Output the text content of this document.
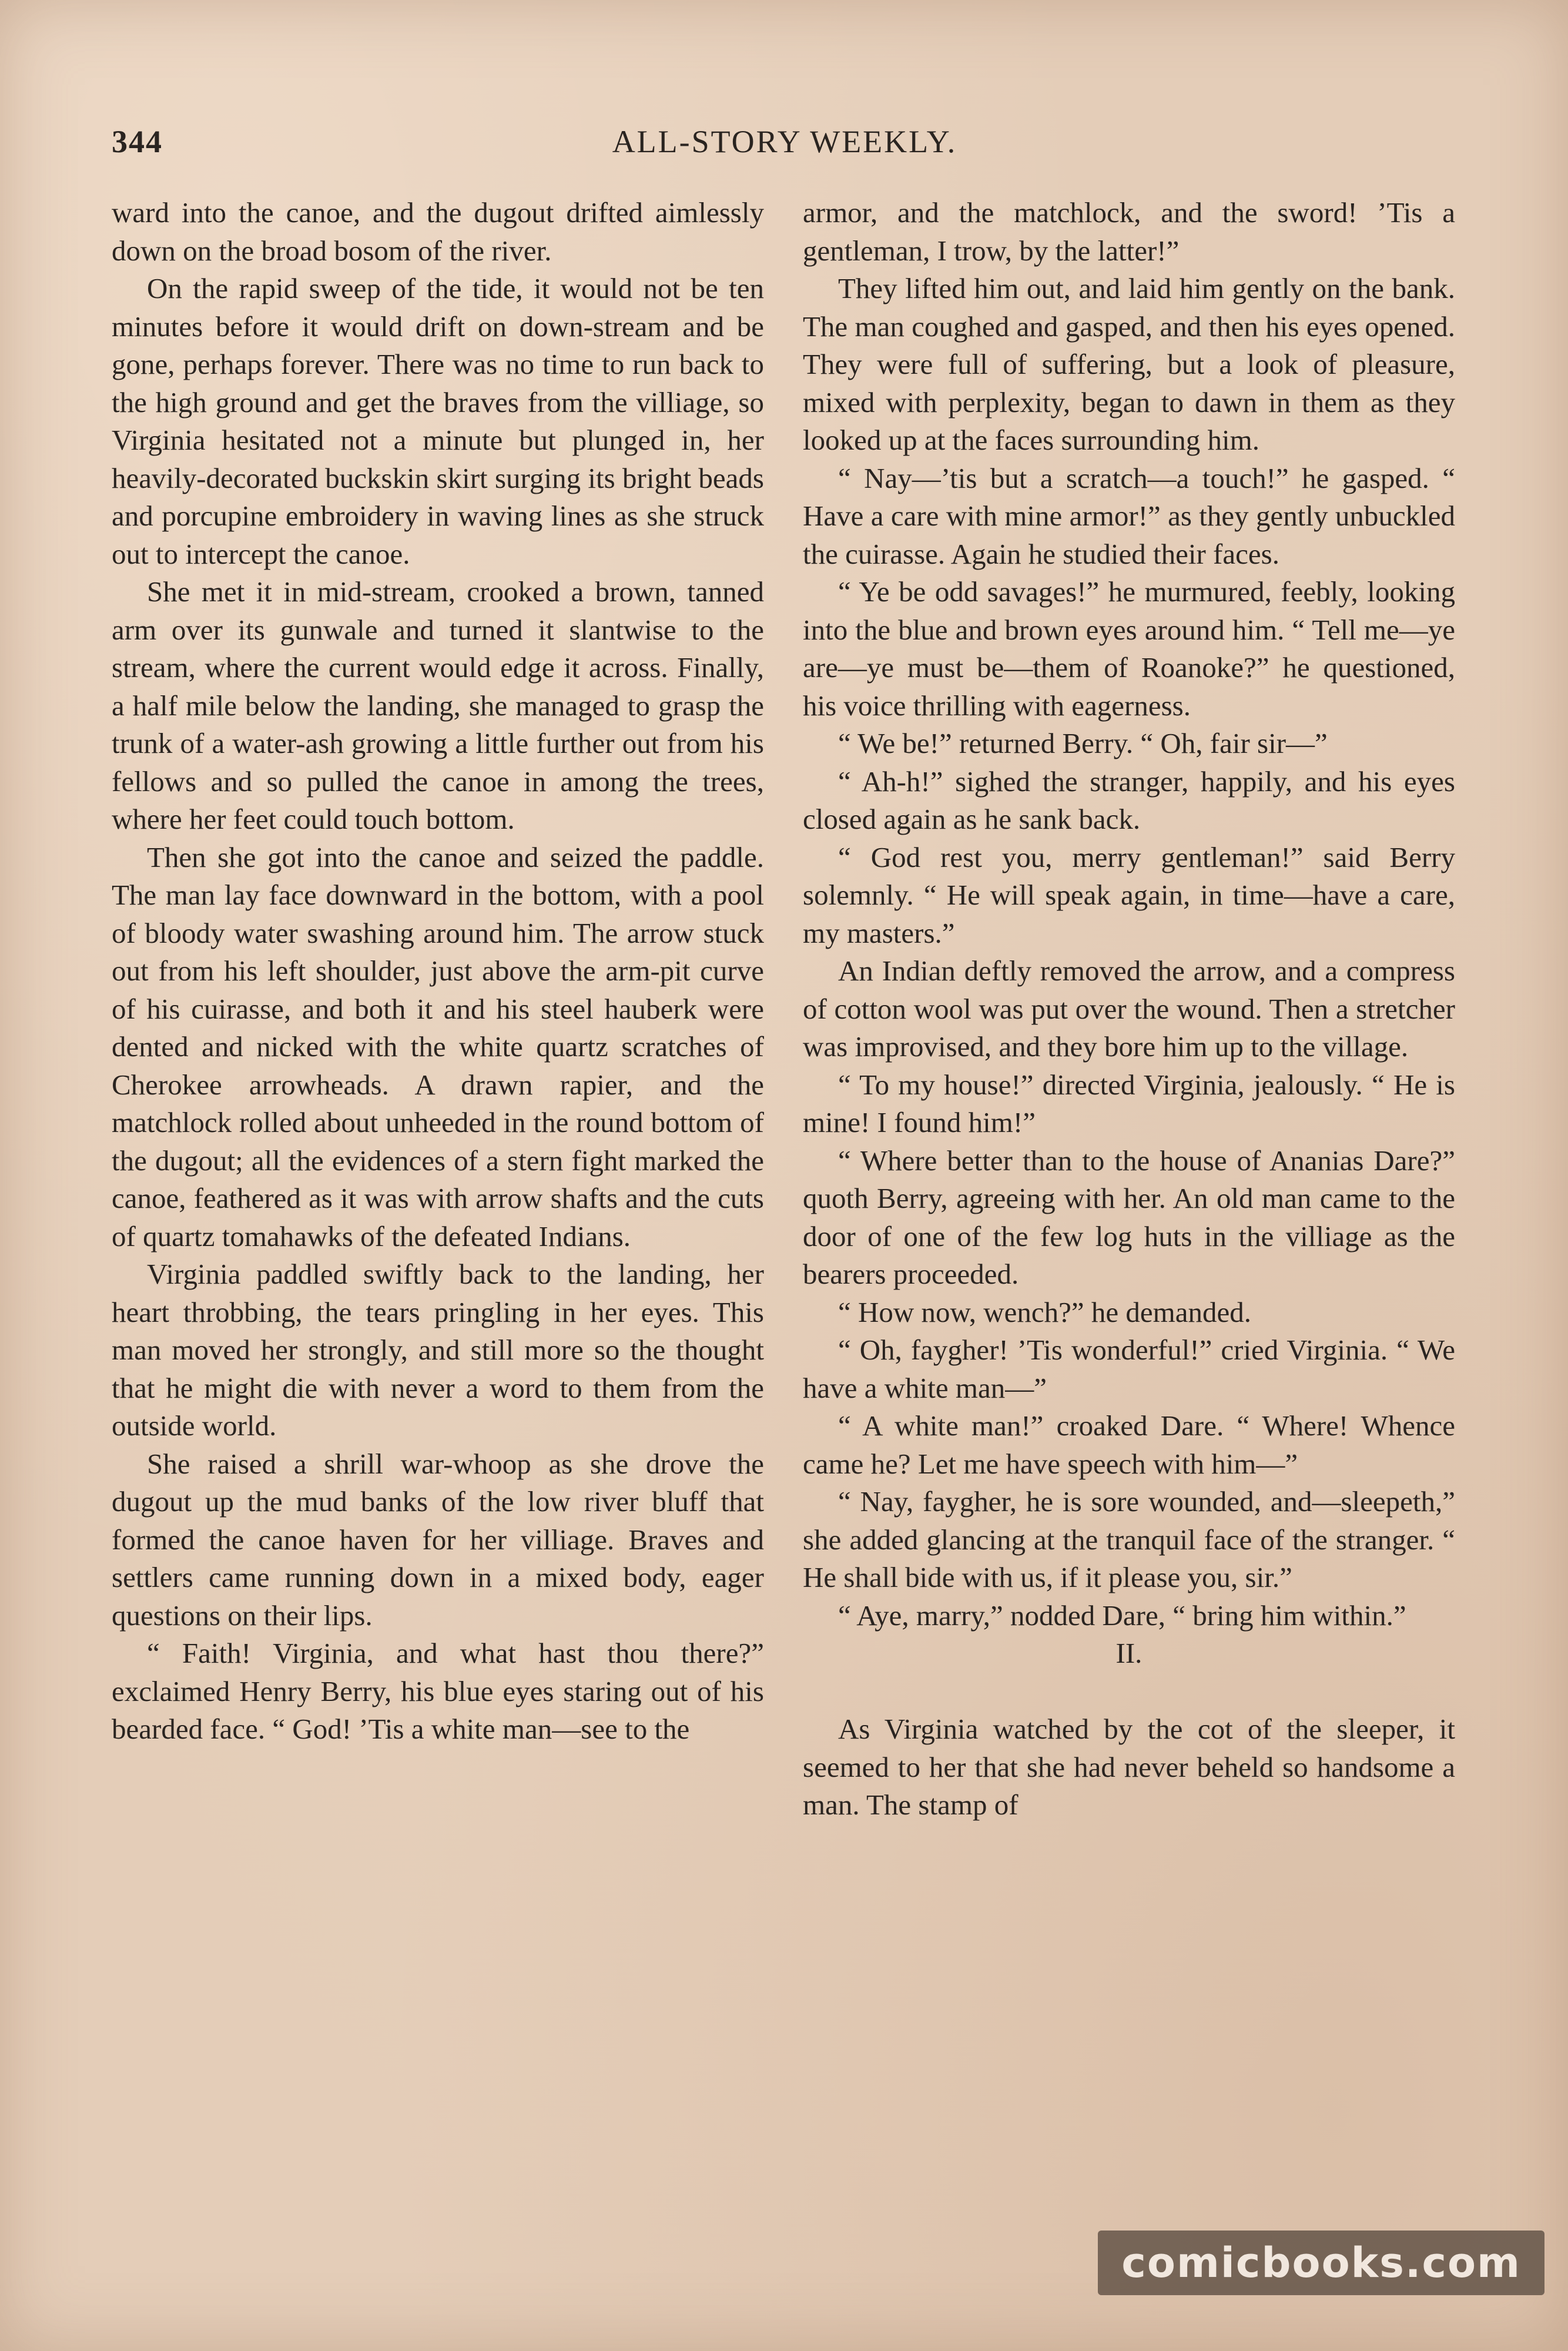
344	ALL-STORY WEEKLY.

ward into the canoe, and the dugout drifted aimlessly down on the broad bosom of the river.

On the rapid sweep of the tide, it would not be ten minutes before it would drift on down-stream and be gone, perhaps forever. There was no time to run back to the high ground and get the braves from the villiage, so Virginia hesitated not a minute but plunged in, her heavily-decorated buckskin skirt surging its bright beads and porcupine embroidery in waving lines as she struck out to intercept the canoe.

She met it in mid-stream, crooked a brown, tanned arm over its gunwale and turned it slantwise to the stream, where the current would edge it across. Finally, a half mile below the landing, she managed to grasp the trunk of a water-ash growing a little further out from his fellows and so pulled the canoe in among the trees, where her feet could touch bottom.

Then she got into the canoe and seized the paddle. The man lay face downward in the bottom, with a pool of bloody water swashing around him. The arrow stuck out from his left shoulder, just above the arm-pit curve of his cuirasse, and both it and his steel hauberk were dented and nicked with the white quartz scratches of Cherokee arrowheads. A drawn rapier, and the matchlock rolled about unheeded in the round bottom of the dugout; all the evidences of a stern fight marked the canoe, feathered as it was with arrow shafts and the cuts of quartz tomahawks of the defeated Indians.

Virginia paddled swiftly back to the landing, her heart throbbing, the tears pringling in her eyes. This man moved her strongly, and still more so the thought that he might die with never a word to them from the outside world.

She raised a shrill war-whoop as she drove the dugout up the mud banks of the low river bluff that formed the canoe haven for her villiage. Braves and settlers came running down in a mixed body, eager questions on their lips.

“ Faith! Virginia, and what hast thou there?” exclaimed Henry Berry, his blue eyes staring out of his bearded face. “ God! ’Tis a white man—see to the

armor, and the matchlock, and the sword! ’Tis a gentleman, I trow, by the latter!”

They lifted him out, and laid him gently on the bank. The man coughed and gasped, and then his eyes opened. They were full of suffering, but a look of pleasure, mixed with perplexity, began to dawn in them as they looked up at the faces surrounding him.

“ Nay—’tis but a scratch—a touch!” he gasped. “ Have a care with mine armor!” as they gently unbuckled the cuirasse. Again he studied their faces.

“ Ye be odd savages!” he murmured, feebly, looking into the blue and brown eyes around him. “ Tell me—ye are—ye must be—them of Roanoke?” he questioned, his voice thrilling with eagerness.

“ We be!” returned Berry. “ Oh, fair sir—”

“ Ah-h!” sighed the stranger, happily, and his eyes closed again as he sank back.

“ God rest you, merry gentleman!” said Berry solemnly. “ He will speak again, in time—have a care, my masters.”

An Indian deftly removed the arrow, and a compress of cotton wool was put over the wound. Then a stretcher was improvised, and they bore him up to the village.

“ To my house!” directed Virginia, jealously. “ He is mine! I found him!”

“ Where better than to the house of Ananias Dare?” quoth Berry, agreeing with her. An old man came to the door of one of the few log huts in the villiage as the bearers proceeded.

“ How now, wench?” he demanded.

“ Oh, faygher! ’Tis wonderful!” cried Virginia. “ We have a white man—”

“ A white man!” croaked Dare. “ Where! Whence came he? Let me have speech with him—”

“ Nay, faygher, he is sore wounded, and—sleepeth,” she added glancing at the tranquil face of the stranger. “ He shall bide with us, if it please you, sir.”

“ Aye, marry,” nodded Dare, “ bring him within.”

II.

As Virginia watched by the cot of the sleeper, it seemed to her that she had never beheld so handsome a man. The stamp of

comicbooks.com
